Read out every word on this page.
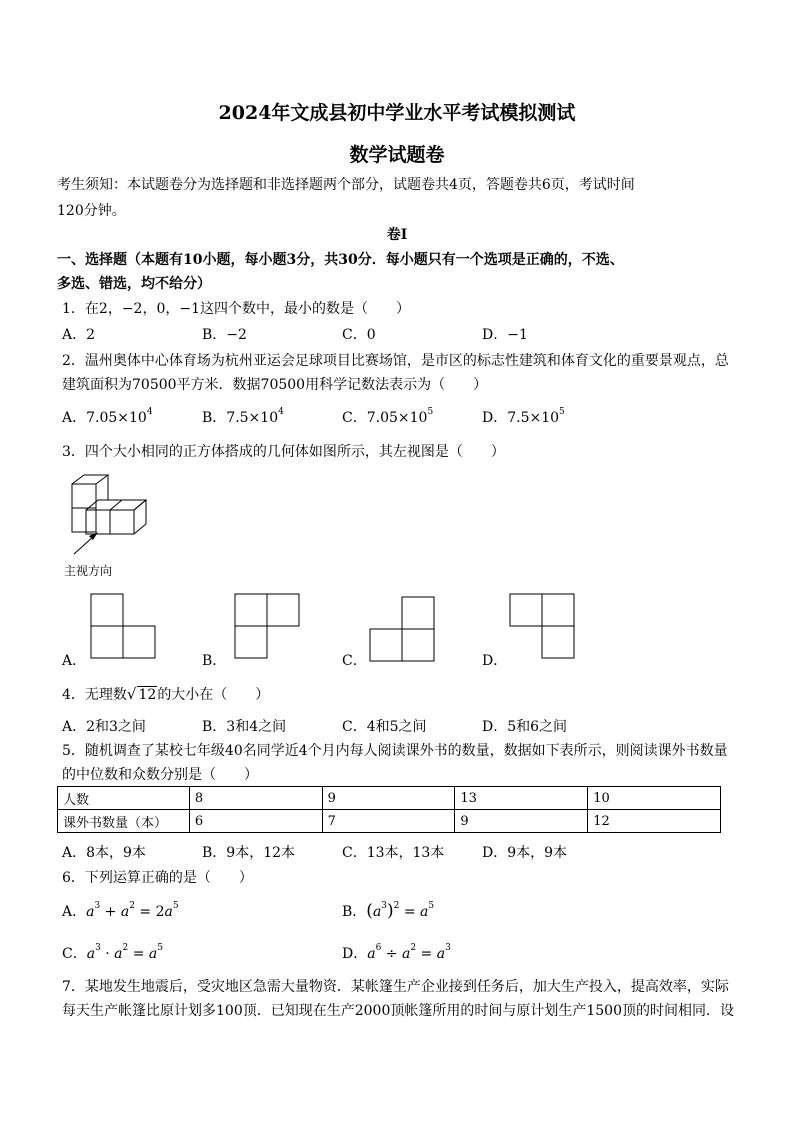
2024年文成县初中学业水平考试模拟测试
数学试题卷
考生须知：本试题卷分为选择题和非选择题两个部分，试题卷共4页，答题卷共6页，考试时间
120分钟。
卷Ⅰ
一、选择题（本题有10小题，每小题3分，共30分．每小题只有一个选项是正确的，不选、
多选、错选，均不给分）
1．在2，−2，0，−1这四个数中，最小的数是（　　）
A．2	B．−2	C．0	D．−1
2．温州奥体中心体育场为杭州亚运会足球项目比赛场馆，是市区的标志性建筑和体育文化的重要景观点，总
建筑面积为70500平方米．数据70500用科学记数法表示为（　　）
A．$7.05\times 10^4$	B．$7.5\times 10^4$	C．$7.05\times 10^5$	D．$7.5\times 10^5$
3．四个大小相同的正方体搭成的几何体如图所示，其左视图是（　　）
主视方向
A．	B．	C．	D．
4．无理数√ 12的大小在（　　）
A．2和3之间	B．3和4之间	C．4和5之间	D．5和6之间
5．随机调查了某校七年级40名同学近4个月内每人阅读课外书的数量，数据如下表所示，则阅读课外书数量
的中位数和众数分别是（　　）
人数	8	9	13	10
课外书数量（本）	6	7	9	12
A．8本，9本	B．9本，12本	C．13本，13本	D．9本，9本
6．下列运算正确的是（　　）
A．$a^3 + a^2 = 2a^5$	B．$(a^3)^2 = a^5$
C．$a^3 \cdot a^2 = a^5$	D．$a^6 \div a^2 = a^3$
7．某地发生地震后，受灾地区急需大量物资．某帐篷生产企业接到任务后，加大生产投入，提高效率，实际
每天生产帐篷比原计划多100顶．已知现在生产2000顶帐篷所用的时间与原计划生产1500顶的时间相同．设
